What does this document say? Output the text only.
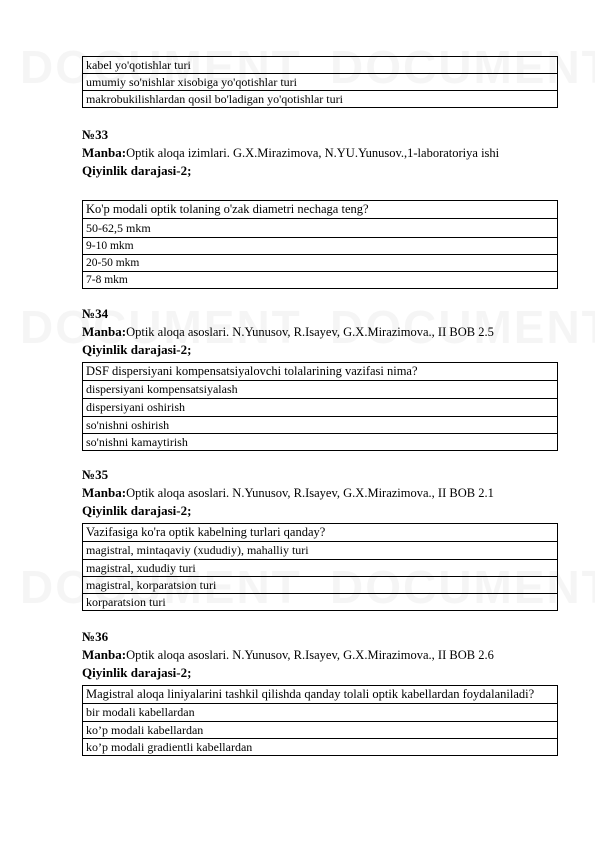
kabel yo'qotishlar turi
umumiy so'nishlar xisobiga yo'qotishlar turi
makrobukilishlardan qosil bo'ladigan yo'qotishlar turi
№33
Manba:Optik aloqa izimlari. G.X.Mirazimova, N.YU.Yunusov.,1-laboratoriya ishi
Qiyinlik darajasi-2;
Ko'p modali optik tolaning o'zak diametri nechaga teng?
50-62,5 mkm
9-10 mkm
20-50 mkm
7-8 mkm
№34
Manba:Optik aloqa asoslari. N.Yunusov, R.Isayev, G.X.Mirazimova., II BOB 2.5
Qiyinlik darajasi-2;
DSF dispersiyani kompensatsiyalovchi tolalarining vazifasi nima?
dispersiyani kompensatsiyalash
dispersiyani oshirish
so'nishni oshirish
so'nishni kamaytirish
№35
Manba:Optik aloqa asoslari. N.Yunusov, R.Isayev, G.X.Mirazimova., II BOB 2.1
Qiyinlik darajasi-2;
Vazifasiga ko'ra optik kabelning turlari qanday?
magistral, mintaqaviy (xududiy), mahalliy turi
magistral, xududiy turi
magistral, korparatsion turi
korparatsion turi
№36
Manba:Optik aloqa asoslari. N.Yunusov, R.Isayev, G.X.Mirazimova., II BOB 2.6
Qiyinlik darajasi-2;
Magistral aloqa liniyalarini tashkil qilishda qanday tolali optik kabellardan foydalaniladi?
bir modali kabellardan
ko’p modali kabellardan
ko’p modali gradientli kabellardan
